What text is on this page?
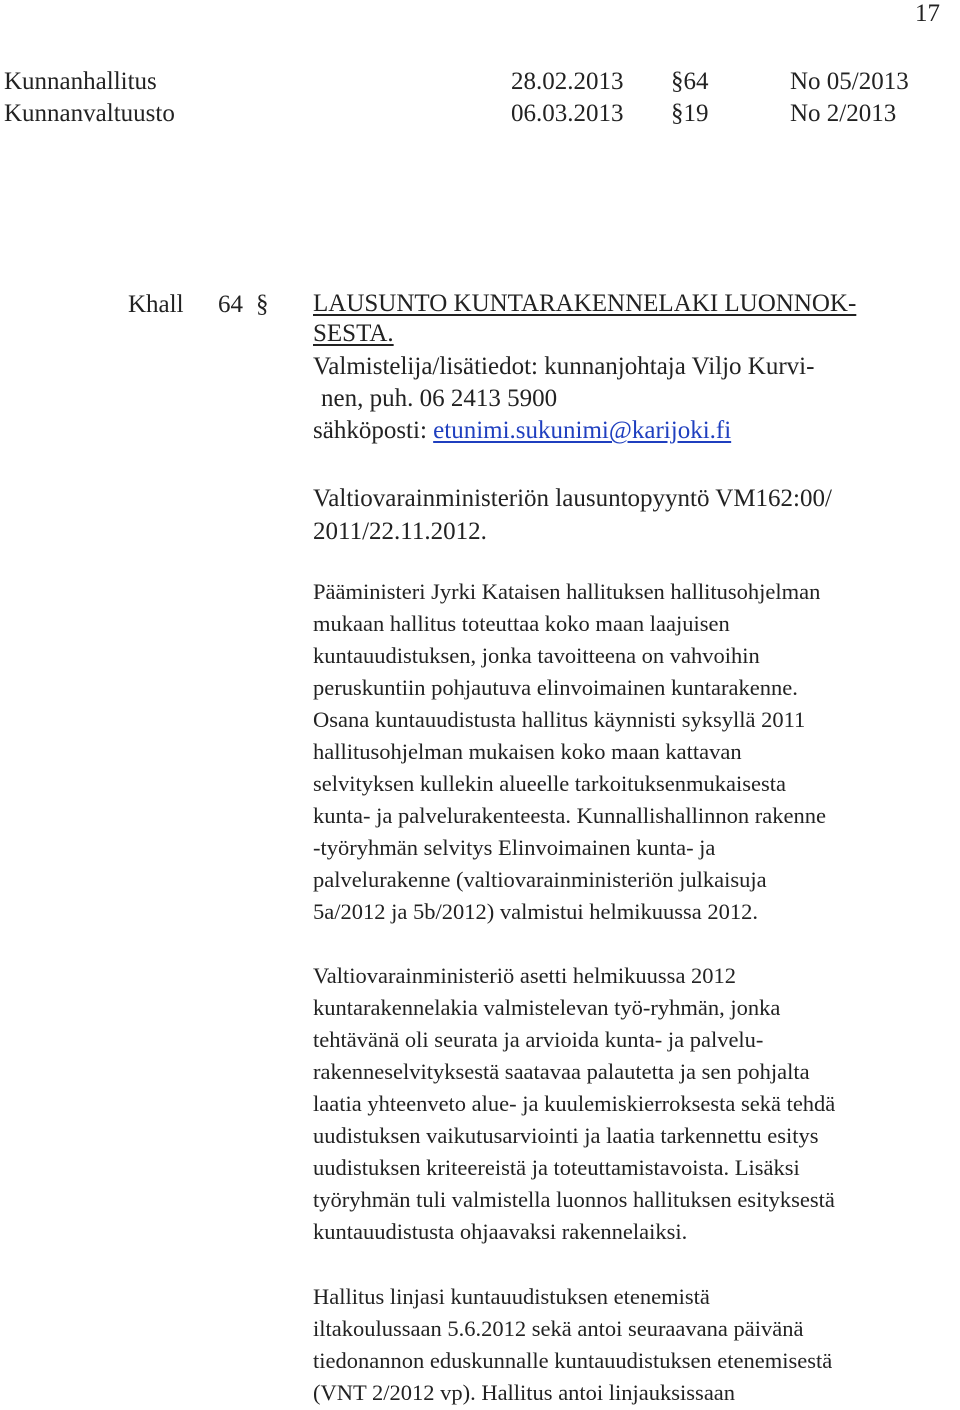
17
Kunnanhallitus	28.02.2013 §64	No 05/2013
Kunnanvaltuusto	06.03.2013 §19	No 2/2013
Khall 64 § LAUSUNTO KUNTARAKENNELAKI LUONNOK-
SESTA.
Valmistelija/lisätiedot: kunnanjohtaja Viljo Kurvi-
nen, puh. 06 2413 5900
sähköposti: etunimi.sukunimi@karijoki.fi
Valtiovarainministeriön lausuntopyyntö VM162:00/
2011/22.11.2012.
Pääministeri Jyrki Kataisen hallituksen hallitusohjelman
mukaan hallitus toteuttaa koko maan laajuisen
kuntauudistuksen, jonka tavoitteena on vahvoihin
peruskuntiin pohjautuva elinvoimainen kuntarakenne.
Osana kuntauudistusta hallitus käynnisti syksyllä 2011
hallitusohjelman mukaisen koko maan kattavan
selvityksen kullekin alueelle tarkoituksenmukaisesta
kunta- ja palvelurakenteesta. Kunnallishallinnon rakenne
-työryhmän selvitys Elinvoimainen kunta- ja
palvelurakenne (valtiovarainministeriön julkaisuja
5a/2012 ja 5b/2012) valmistui helmikuussa 2012.
Valtiovarainministeriö asetti helmikuussa 2012
kuntarakennelakia valmistelevan työ-ryhmän, jonka
tehtävänä oli seurata ja arvioida kunta- ja palvelu-
rakenneselvityksestä saatavaa palautetta ja sen pohjalta
laatia yhteenveto alue- ja kuulemiskierroksesta sekä tehdä
uudistuksen vaikutusarviointi ja laatia tarkennettu esitys
uudistuksen kriteereistä ja toteuttamistavoista. Lisäksi
työryhmän tuli valmistella luonnos hallituksen esityksestä
kuntauudistusta ohjaavaksi rakennelaiksi.
Hallitus linjasi kuntauudistuksen etenemistä
iltakoulussaan 5.6.2012 sekä antoi seuraavana päivänä
tiedonannon eduskunnalle kuntauudistuksen etenemisestä
(VNT 2/2012 vp). Hallitus antoi linjauksissaan
